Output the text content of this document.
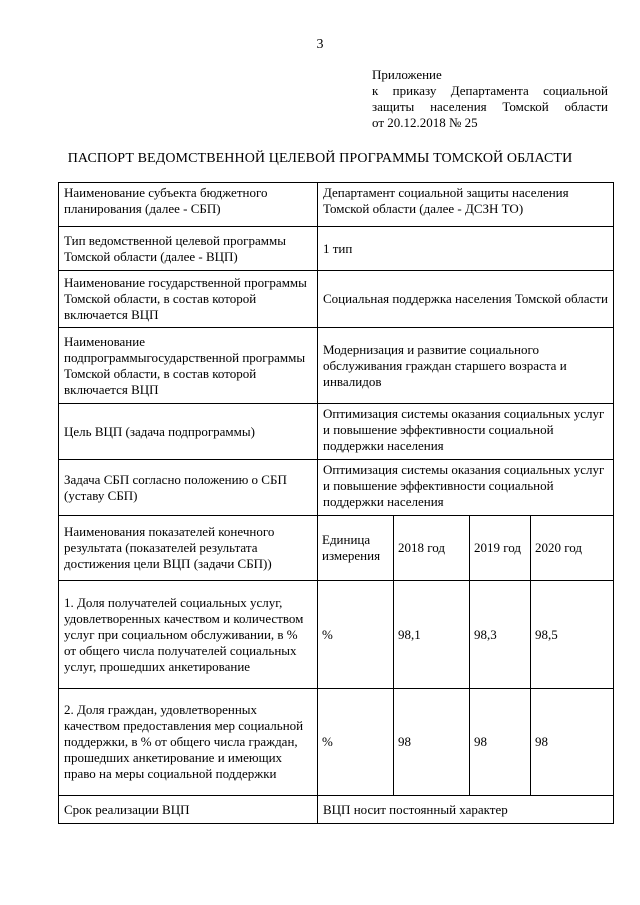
3
Приложение
к приказу Департамента социальной
защиты населения Томской области
от 20.12.2018 № 25
ПАСПОРТ ВЕДОМСТВЕННОЙ ЦЕЛЕВОЙ ПРОГРАММЫ ТОМСКОЙ ОБЛАСТИ
Наименование субъекта бюджетного планирования (далее - СБП)	Департамент социальной защиты населения Томской области (далее - ДСЗН ТО)			
Тип ведомственной целевой программы Томской области (далее - ВЦП)	1 тип			
Наименование государственной программы Томской области, в состав которой включается ВЦП	Социальная поддержка населения Томской области			
Наименование подпрограммыгосударственной программы Томской области, в состав которой включается ВЦП	Модернизация и развитие социального обслуживания граждан старшего возраста и инвалидов			
Цель ВЦП (задача подпрограммы)	Оптимизация системы оказания социальных услуг и повышение эффективности социальной поддержки населения			
Задача СБП согласно положению о СБП (уставу СБП)	Оптимизация системы оказания социальных услуг и повышение эффективности социальной поддержки населения			
Наименования показателей конечного результата (показателей результата достижения цели ВЦП (задачи СБП))	Единица измерения	2018 год	2019 год	2020 год
1. Доля получателей социальных услуг, удовлетворенных качеством и количеством услуг при социальном обслуживании, в % от общего числа получателей социальных услуг, прошедших анкетирование	%	98,1	98,3	98,5
2. Доля граждан, удовлетворенных качеством предоставления мер социальной поддержки, в % от общего числа граждан, прошедших анкетирование и имеющих право на меры социальной поддержки	%	98	98	98
Срок реализации ВЦП	ВЦП носит постоянный характер			
